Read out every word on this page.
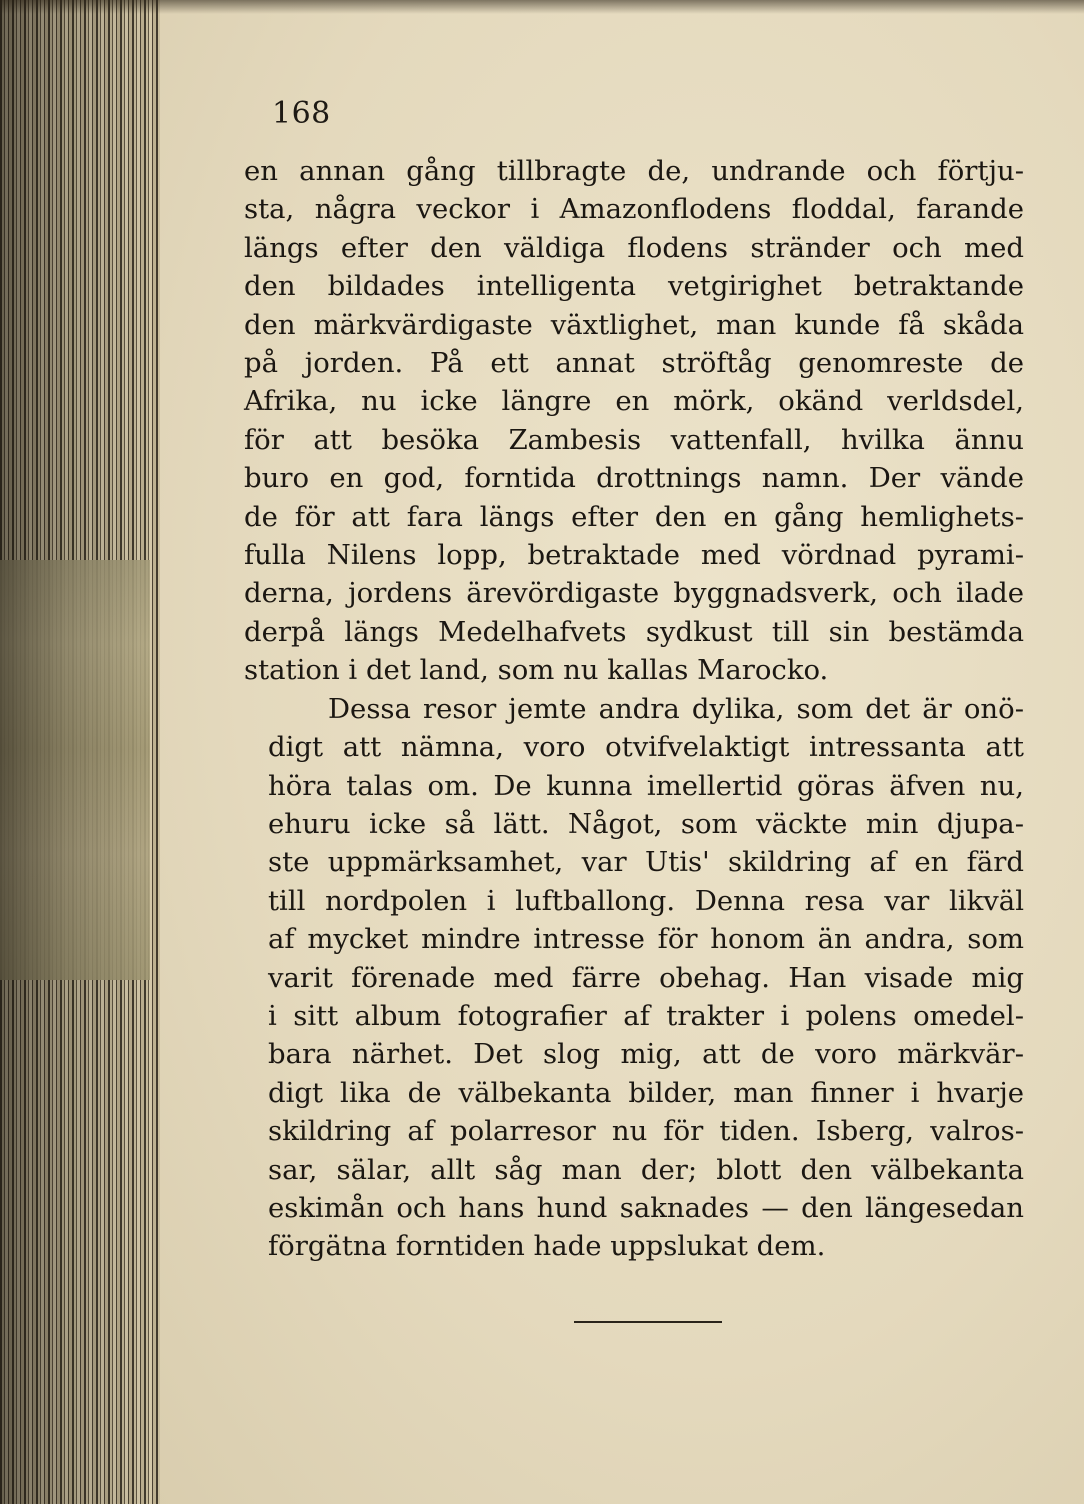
168
en annan gång tillbragte de, undrande och förtju-
sta, några veckor i Amazonflodens floddal, farande
längs efter den väldiga flodens stränder och med
den bildades intelligenta vetgirighet betraktande
den märkvärdigaste växtlighet, man kunde få skåda
på jorden. På ett annat ströftåg genomreste de
Afrika, nu icke längre en mörk, okänd verldsdel,
för att besöka Zambesis vattenfall, hvilka ännu
buro en god, forntida drottnings namn. Der vände
de för att fara längs efter den en gång hemlighets-
fulla Nilens lopp, betraktade med vördnad pyrami-
derna, jordens ärevördigaste byggnadsverk, och ilade
derpå längs Medelhafvets sydkust till sin bestämda
station i det land, som nu kallas Marocko.
Dessa resor jemte andra dylika, som det är onö-
digt att nämna, voro otvifvelaktigt intressanta att
höra talas om. De kunna imellertid göras äfven nu,
ehuru icke så lätt. Något, som väckte min djupa-
ste uppmärksamhet, var Utis' skildring af en färd
till nordpolen i luftballong. Denna resa var likväl
af mycket mindre intresse för honom än andra, som
varit förenade med färre obehag. Han visade mig
i sitt album fotografier af trakter i polens omedel-
bara närhet. Det slog mig, att de voro märkvär-
digt lika de välbekanta bilder, man finner i hvarje
skildring af polarresor nu för tiden. Isberg, valros-
sar, sälar, allt såg man der; blott den välbekanta
eskimån och hans hund saknades — den längesedan
förgätna forntiden hade uppslukat dem.
